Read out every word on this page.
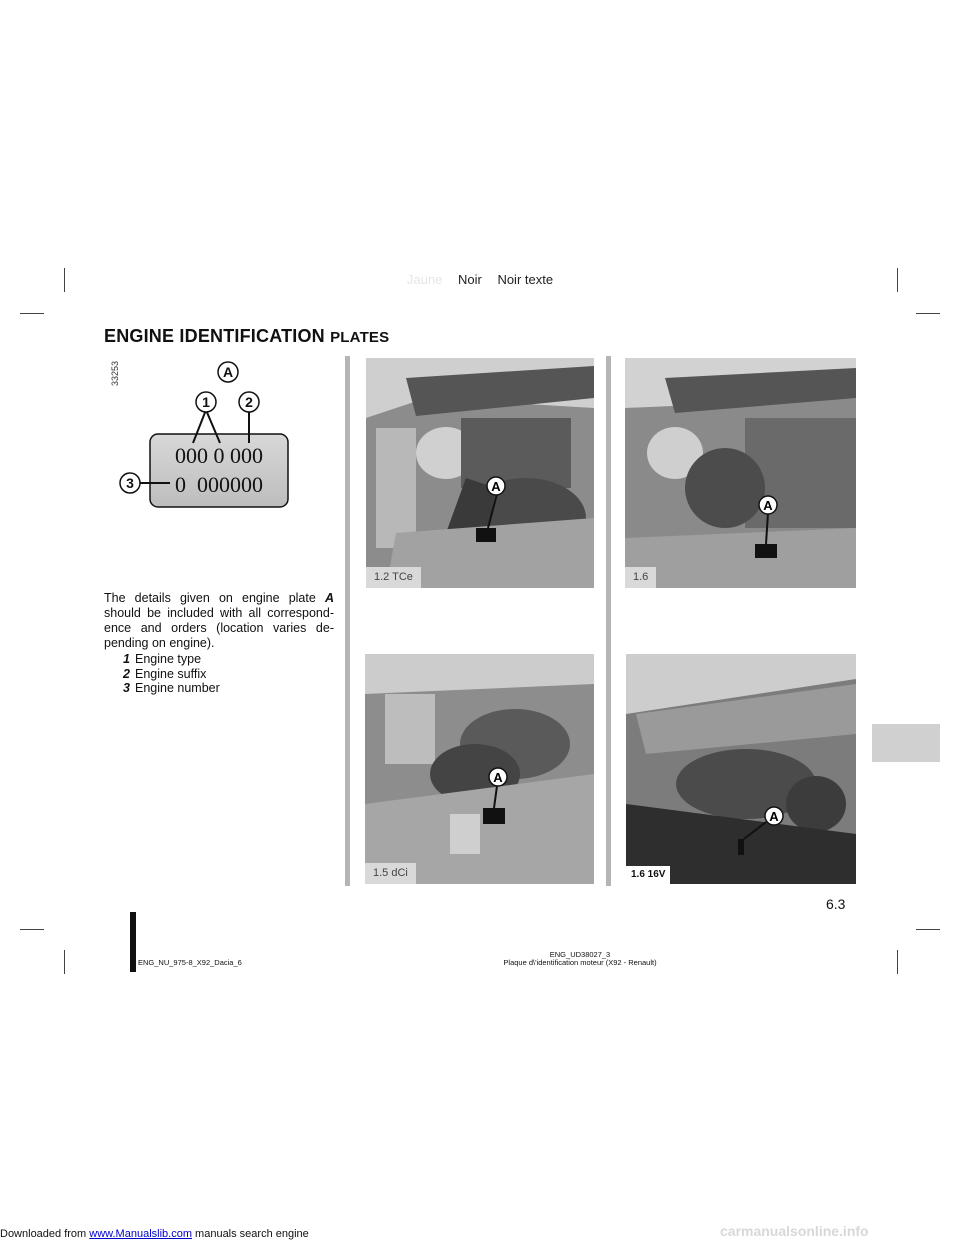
Jaune Noir Noir texte
ENGINE IDENTIFICATION PLATES
33253	A
1	2
3
000 0 000
0  000000
The details given on engine plate A should be included with all correspond-ence and orders (location varies de-pending on engine).
1 Engine type
2 Engine suffix
3 Engine number
A
1.2 TCe
A
1.6
A
1.5 dCi
A
1.6 16V
6.3
ENG_NU_975-8_X92_Dacia_6
ENG_UD38027_3
Plaque d\'identification moteur (X92 - Renault)
Downloaded from www.Manualslib.com manuals search engine	carmanualsonline.info
